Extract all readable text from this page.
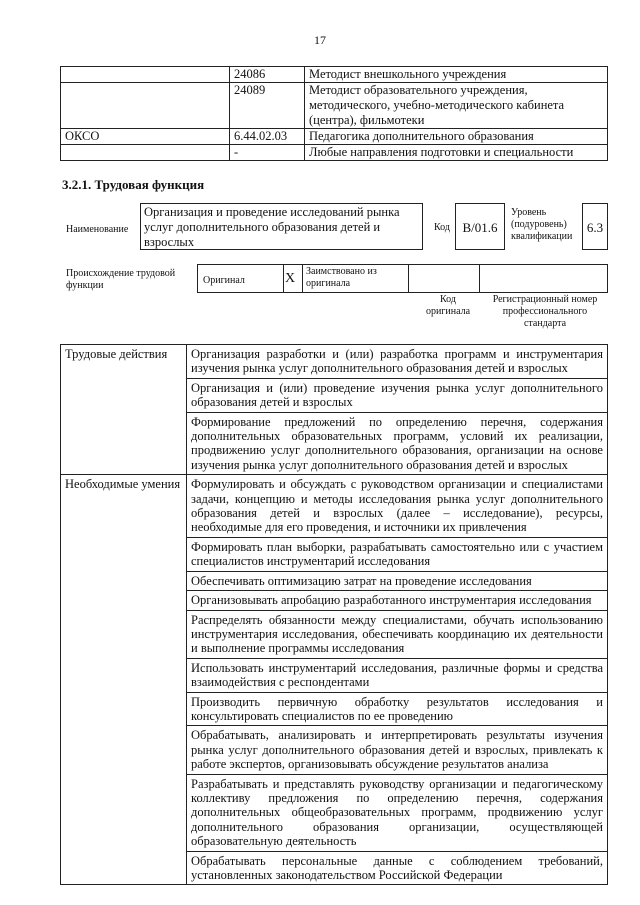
17
	24086	Методист внешкольного учреждения
	24089	Методист образовательного учреждения, методического, учебно-методического кабинета (центра), фильмотеки
ОКСО	6.44.02.03	Педагогика дополнительного образования
	-	Любые направления подготовки и специальности
3.2.1. Трудовая функция
Наименование
Организация и проведение исследований рынка услуг дополнительного образования детей и взрослых
Код B/01.6
Уровень (подуровень) квалификации
6.3
Происхождение трудовой функции	Оригинал	X Заимствовано из оригинала
Код оригинала
Регистрационный номер профессионального стандарта
Трудовые действия	Организация разработки и (или) разработка программ и инструментария изучения рынка услуг дополнительного образования детей и взрослых
	Организация и (или) проведение изучения рынка услуг дополнительного образования детей и взрослых
	Формирование предложений по определению перечня, содержания дополнительных образовательных программ, условий их реализации, продвижению услуг дополнительного образования, организации на основе изучения рынка услуг дополнительного образования детей и взрослых
Необходимые умения	Формулировать и обсуждать с руководством организации и специалистами задачи, концепцию и методы исследования рынка услуг дополнительного образования детей и взрослых (далее – исследование), ресурсы, необходимые для его проведения, и источники их привлечения
	Формировать план выборки, разрабатывать самостоятельно или с участием специалистов инструментарий исследования
	Обеспечивать оптимизацию затрат на проведение исследования
	Организовывать апробацию разработанного инструментария исследования
	Распределять обязанности между специалистами, обучать использованию инструментария исследования, обеспечивать координацию их деятельности и выполнение программы исследования
	Использовать инструментарий исследования, различные формы и средства взаимодействия с респондентами
	Производить первичную обработку результатов исследования и консультировать специалистов по ее проведению
	Обрабатывать, анализировать и интерпретировать результаты изучения рынка услуг дополнительного образования детей и взрослых, привлекать к работе экспертов, организовывать обсуждение результатов анализа
	Разрабатывать и представлять руководству организации и педагогическому коллективу предложения по определению перечня, содержания дополнительных общеобразовательных программ, продвижению услуг дополнительного образования организации, осуществляющей образовательную деятельность
	Обрабатывать персональные данные с соблюдением требований, установленных законодательством Российской Федерации
